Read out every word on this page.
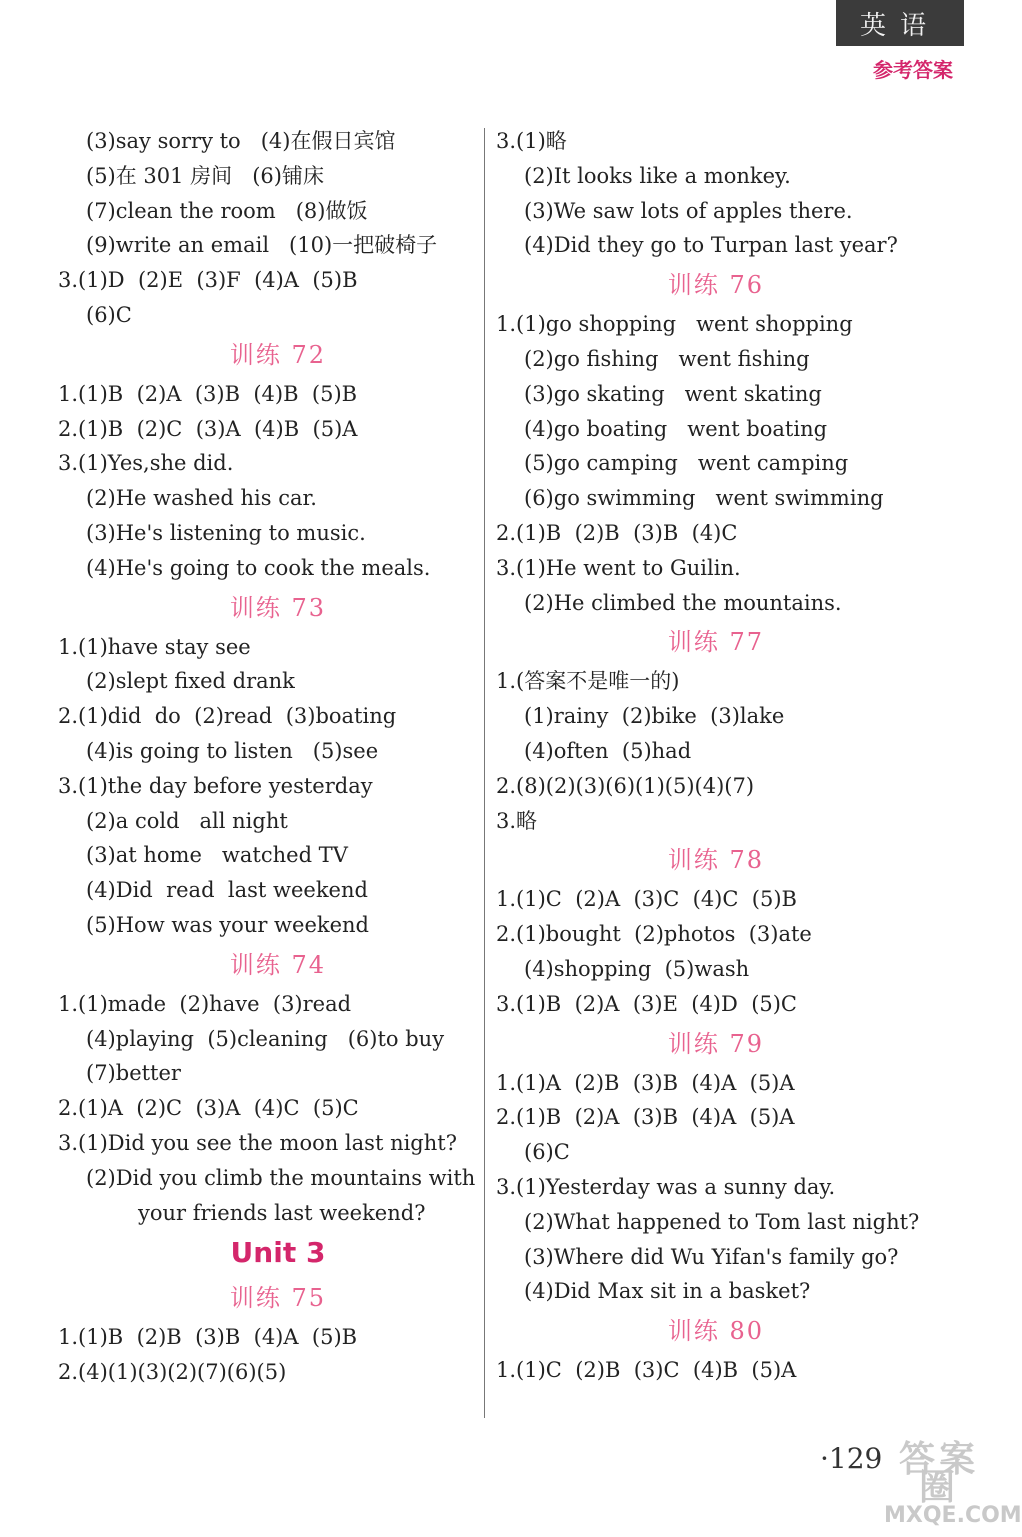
英语
参考答案
(3)say sorry to   (4)在假日宾馆
(5)在 301 房间   (6)铺床
(7)clean the room   (8)做饭
(9)write an email   (10)一把破椅子
3.(1)D  (2)E  (3)F  (4)A  (5)B
(6)C
训练 72
1.(1)B  (2)A  (3)B  (4)B  (5)B
2.(1)B  (2)C  (3)A  (4)B  (5)A
3.(1)Yes,she did.
(2)He washed his car.
(3)He's listening to music.
(4)He's going to cook the meals.
训练 73
1.(1)have stay see
(2)slept fixed drank
2.(1)did  do  (2)read  (3)boating
(4)is going to listen   (5)see
3.(1)the day before yesterday
(2)a cold   all night
(3)at home   watched TV
(4)Did  read  last weekend
(5)How was your weekend
训练 74
1.(1)made  (2)have  (3)read
(4)playing  (5)cleaning   (6)to buy
(7)better
2.(1)A  (2)C  (3)A  (4)C  (5)C
3.(1)Did you see the moon last night?
(2)Did you climb the mountains with
your friends last weekend?
Unit 3
训练 75
1.(1)B  (2)B  (3)B  (4)A  (5)B
2.(4)(1)(3)(2)(7)(6)(5)
3.(1)略
(2)It looks like a monkey.
(3)We saw lots of apples there.
(4)Did they go to Turpan last year?
训练 76
1.(1)go shopping   went shopping
(2)go fishing   went fishing
(3)go skating   went skating
(4)go boating   went boating
(5)go camping   went camping
(6)go swimming   went swimming
2.(1)B  (2)B  (3)B  (4)C
3.(1)He went to Guilin.
(2)He climbed the mountains.
训练 77
1.(答案不是唯一的)
(1)rainy  (2)bike  (3)lake
(4)often  (5)had
2.(8)(2)(3)(6)(1)(5)(4)(7)
3.略
训练 78
1.(1)C  (2)A  (3)C  (4)C  (5)B
2.(1)bought  (2)photos  (3)ate
(4)shopping  (5)wash
3.(1)B  (2)A  (3)E  (4)D  (5)C
训练 79
1.(1)A  (2)B  (3)B  (4)A  (5)A
2.(1)B  (2)A  (3)B  (4)A  (5)A
(6)C
3.(1)Yesterday was a sunny day.
(2)What happened to Tom last night?
(3)Where did Wu Yifan's family go?
(4)Did Max sit in a basket?
训练 80
1.(1)C  (2)B  (3)C  (4)B  (5)A
·129 答案圈
MXQE.COM
